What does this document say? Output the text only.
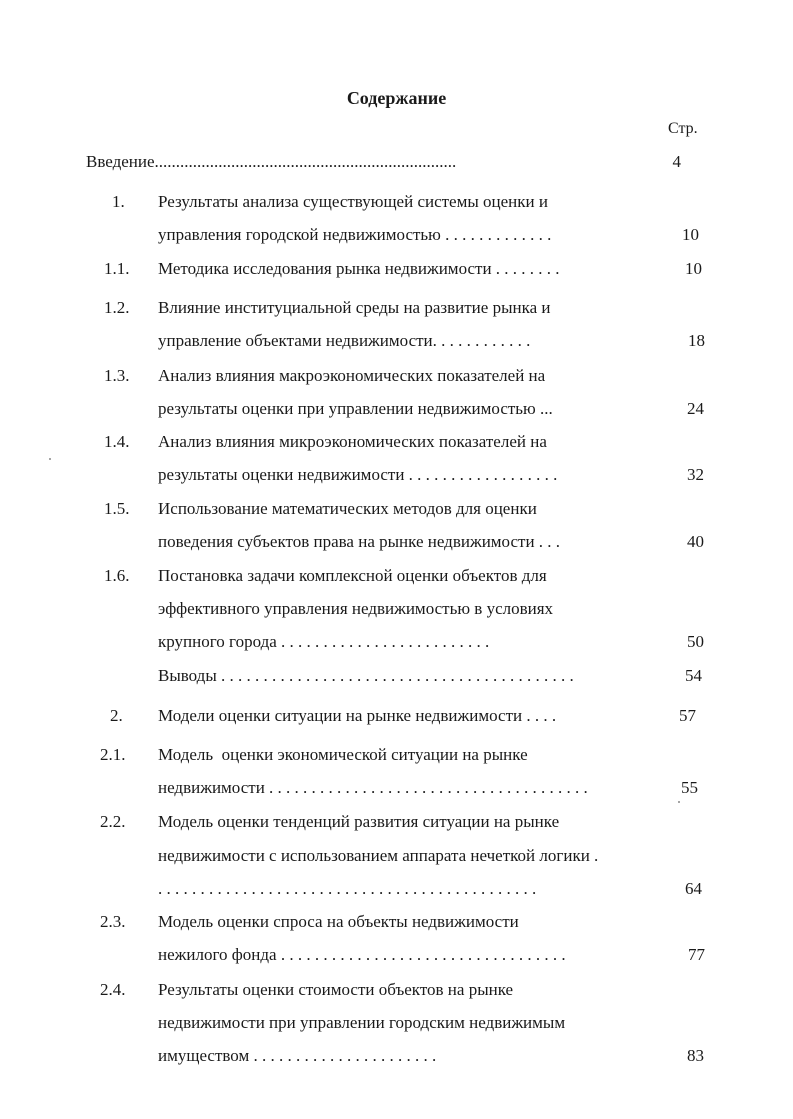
Содержание
Стр.
Введение.......................................................................	4
1. Результаты анализа существующей системы оценки и
управления городской недвижимостью . . . . . . . . . . . . .	10
1.1. Методика исследования рынка недвижимости . . . . . . . .	10
1.2. Влияние институциальной среды на развитие рынка и
управление объектами недвижимости. . . . . . . . . . . .	18
1.3. Анализ влияния макроэкономических показателей на
результаты оценки при управлении недвижимостью ...	24
1.4. Анализ влияния микроэкономических показателей на
результаты оценки недвижимости . . . . . . . . . . . . . . . . . .	32
1.5. Использование математических методов для оценки
поведения субъектов права на рынке недвижимости . . .	40
1.6. Постановка задачи комплексной оценки объектов для
эффективного управления недвижимостью в условиях
крупного города . . . . . . . . . . . . . . . . . . . . . . . . .	50
Выводы . . . . . . . . . . . . . . . . . . . . . . . . . . . . . . . . . . . . . . . . . .	54
2. Модели оценки ситуации на рынке недвижимости . . . .	57
2.1. Модель  оценки экономической ситуации на рынке
недвижимости . . . . . . . . . . . . . . . . . . . . . . . . . . . . . . . . . . . . . .	55
2.2. Модель оценки тенденций развития ситуации на рынке
недвижимости с использованием аппарата нечеткой логики .
. . . . . . . . . . . . . . . . . . . . . . . . . . . . . . . . . . . . . . . . . . . . .	64
2.3. Модель оценки спроса на объекты недвижимости
нежилого фонда . . . . . . . . . . . . . . . . . . . . . . . . . . . . . . . . . .	77
2.4. Результаты оценки стоимости объектов на рынке
недвижимости при управлении городским недвижимым
имуществом . . . . . . . . . . . . . . . . . . . . . .	83
